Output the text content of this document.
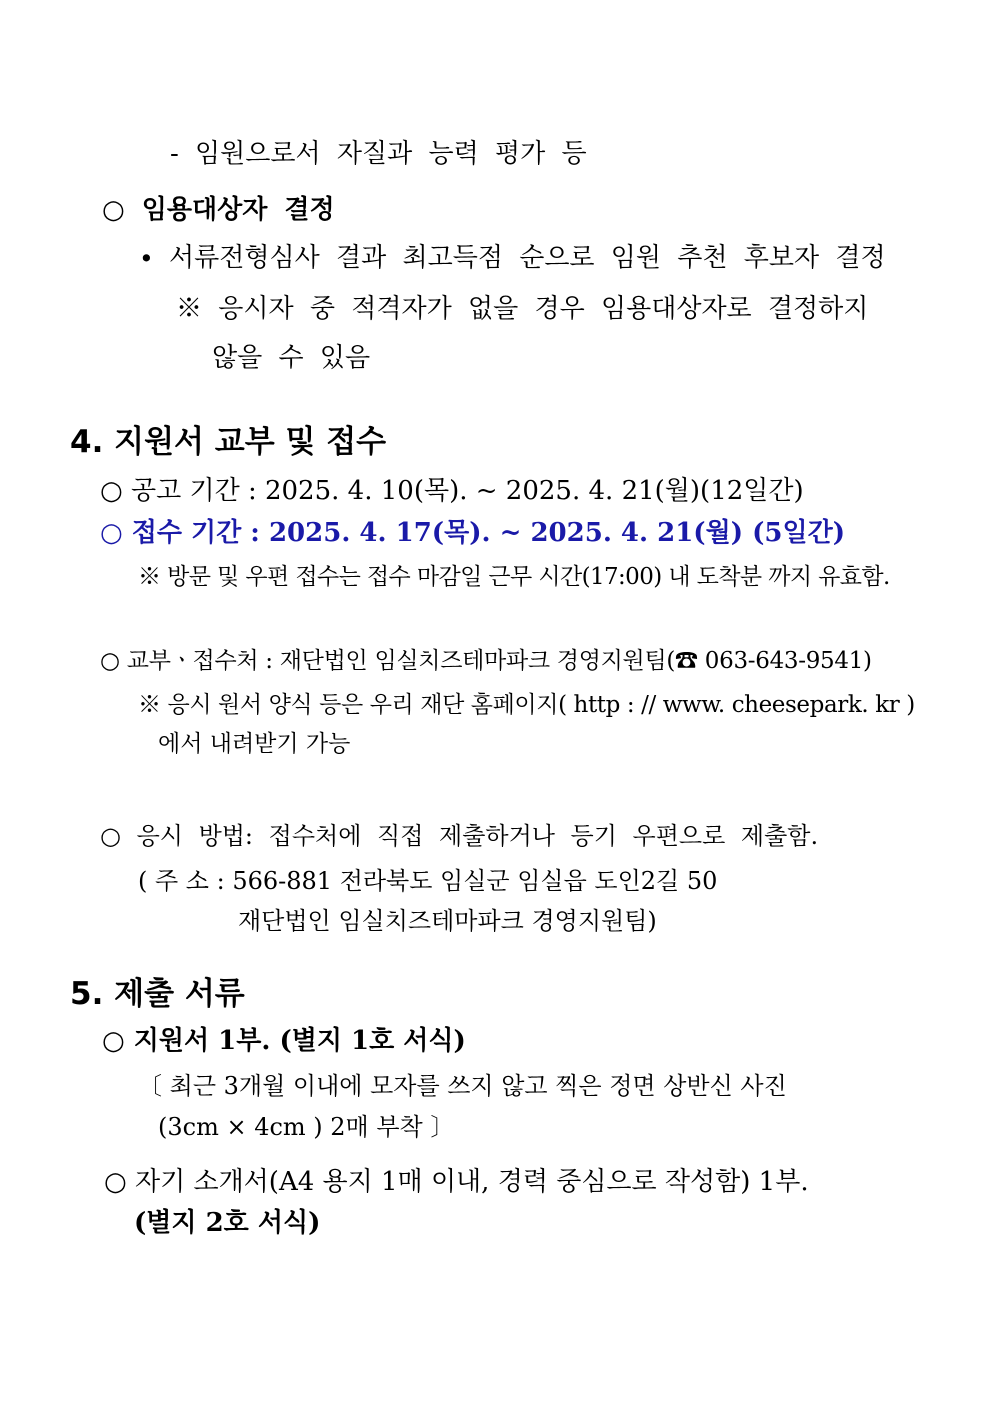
- 임원으로서 자질과 능력 평가 등
○ 임용대상자 결정
∙ 서류전형심사 결과 최고득점 순으로 임원 추천 후보자 결정
※ 응시자 중 적격자가 없을 경우 임용대상자로 결정하지
않을 수 있음
4. 지원서 교부 및 접수
○ 공고 기간 : 2025. 4. 10(목). ~ 2025. 4. 21(월)(12일간)
○ 접수 기간 : 2025. 4. 17(목). ~ 2025. 4. 21(월) (5일간)
※ 방문 및 우편 접수는 접수 마감일 근무 시간(17:00) 내 도착분 까지 유효함.
○ 교부ㆍ접수처 : 재단법인 임실치즈테마파크 경영지원팀(☎ 063-643-9541)
※ 응시 원서 양식 등은 우리 재단 홈페이지( http : // www. cheesepark. kr )
에서 내려받기 가능
○ 응시 방법: 접수처에 직접 제출하거나 등기 우편으로 제출함.
( 주 소 : 566-881 전라북도 임실군 임실읍 도인2길 50
재단법인 임실치즈테마파크 경영지원팀)
5. 제출 서류
○ 지원서 1부. (별지 1호 서식)
〔 최근 3개월 이내에 모자를 쓰지 않고 찍은 정면 상반신 사진
(3cm × 4cm ) 2매 부착 〕
○ 자기 소개서(A4 용지 1매 이내, 경력 중심으로 작성함) 1부.
(별지 2호 서식)
